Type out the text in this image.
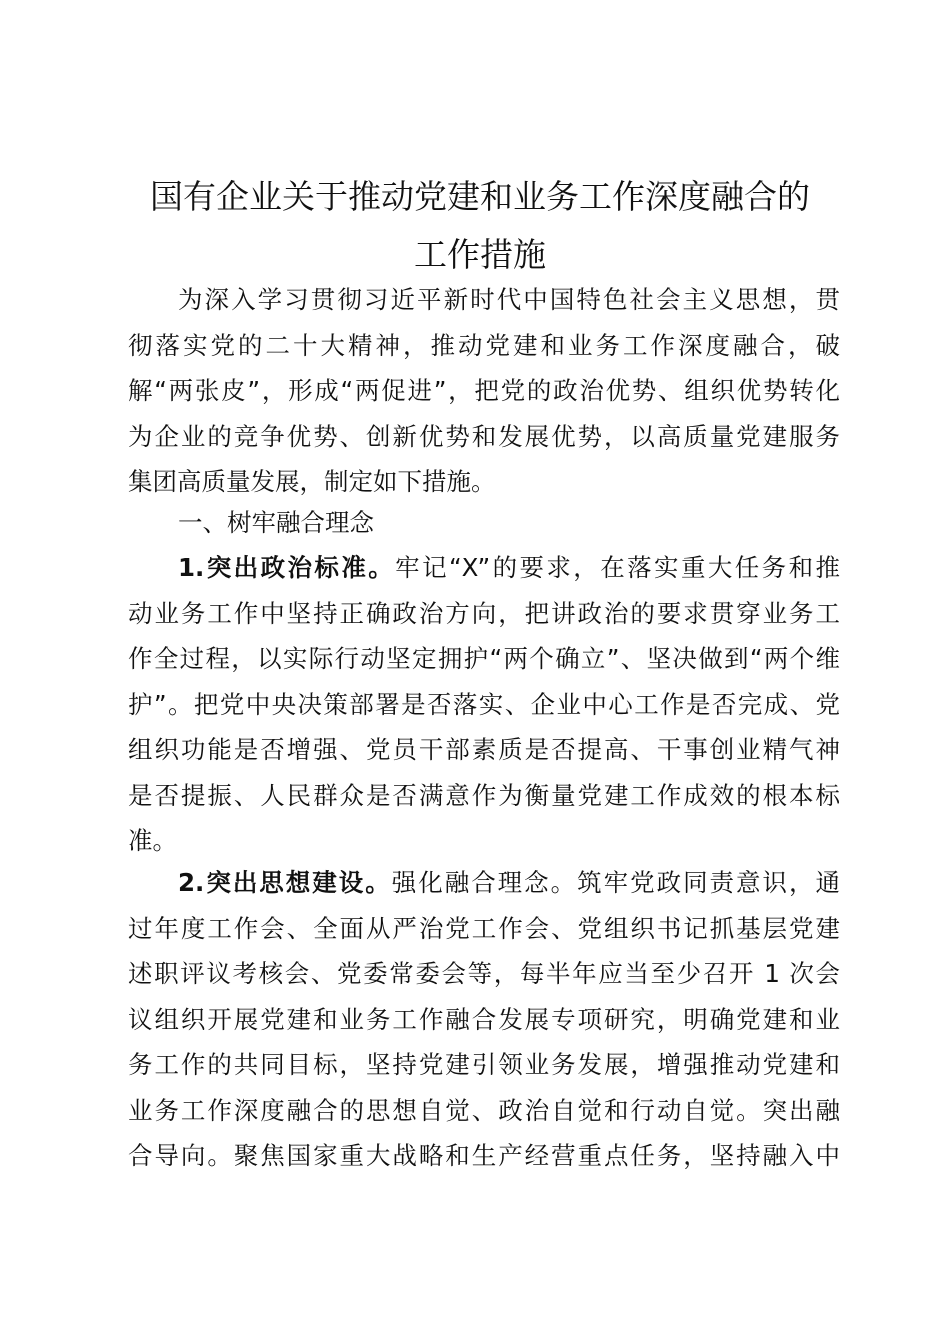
国有企业关于推动党建和业务工作深度融合的
工作措施
为深入学习贯彻习近平新时代中国特色社会主义思想，贯
彻落实党的二十大精神，推动党建和业务工作深度融合，破
解“两张皮”，形成“两促进”，把党的政治优势、组织优势转化
为企业的竞争优势、创新优势和发展优势，以高质量党建服务
集团高质量发展，制定如下措施。
一、树牢融合理念
1.突出政治标准。牢记“X”的要求，在落实重大任务和推
动业务工作中坚持正确政治方向，把讲政治的要求贯穿业务工
作全过程，以实际行动坚定拥护“两个确立”、坚决做到“两个维
护”。把党中央决策部署是否落实、企业中心工作是否完成、党
组织功能是否增强、党员干部素质是否提高、干事创业精气神
是否提振、人民群众是否满意作为衡量党建工作成效的根本标
准。
2.突出思想建设。强化融合理念。筑牢党政同责意识，通
过年度工作会、全面从严治党工作会、党组织书记抓基层党建
述职评议考核会、党委常委会等，每半年应当至少召开 1 次会
议组织开展党建和业务工作融合发展专项研究，明确党建和业
务工作的共同目标，坚持党建引领业务发展，增强推动党建和
业务工作深度融合的思想自觉、政治自觉和行动自觉。突出融
合导向。聚焦国家重大战略和生产经营重点任务，坚持融入中
